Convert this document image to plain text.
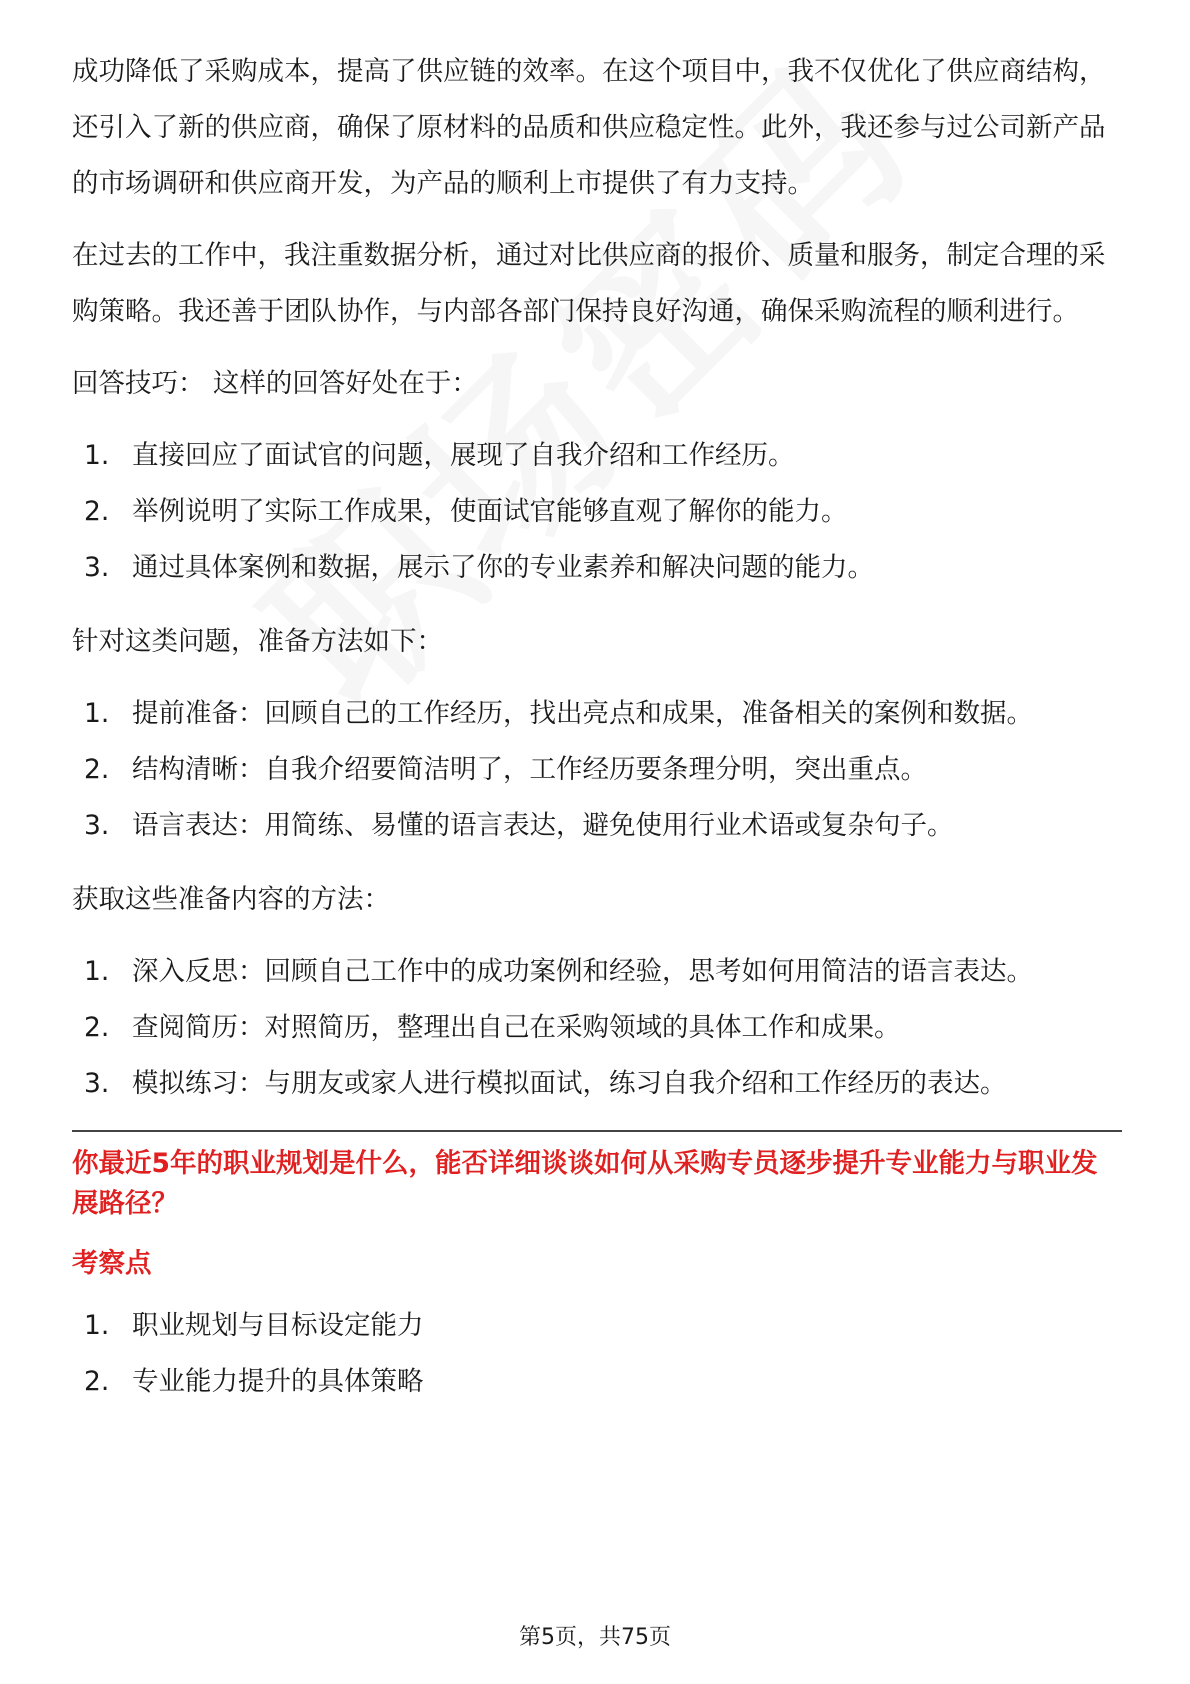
成功降低了采购成本，提高了供应链的效率。在这个项目中，我不仅优化了供应商结构，还引入了新的供应商，确保了原材料的品质和供应稳定性。此外，我还参与过公司新产品的市场调研和供应商开发，为产品的顺利上市提供了有力支持。

在过去的工作中，我注重数据分析，通过对比供应商的报价、质量和服务，制定合理的采购策略。我还善于团队协作，与内部各部门保持良好沟通，确保采购流程的顺利进行。

回答技巧： 这样的回答好处在于：

1. 直接回应了面试官的问题，展现了自我介绍和工作经历。
2. 举例说明了实际工作成果，使面试官能够直观了解你的能力。
3. 通过具体案例和数据，展示了你的专业素养和解决问题的能力。

针对这类问题，准备方法如下：

1. 提前准备：回顾自己的工作经历，找出亮点和成果，准备相关的案例和数据。
2. 结构清晰：自我介绍要简洁明了，工作经历要条理分明，突出重点。
3. 语言表达：用简练、易懂的语言表达，避免使用行业术语或复杂句子。

获取这些准备内容的方法：

1. 深入反思：回顾自己工作中的成功案例和经验，思考如何用简洁的语言表达。
2. 查阅简历：对照简历，整理出自己在采购领域的具体工作和成果。
3. 模拟练习：与朋友或家人进行模拟面试，练习自我介绍和工作经历的表达。

你最近5年的职业规划是什么，能否详细谈谈如何从采购专员逐步提升专业能力与职业发展路径？

考察点

1. 职业规划与目标设定能力
2. 专业能力提升的具体策略
第5页，共75页
